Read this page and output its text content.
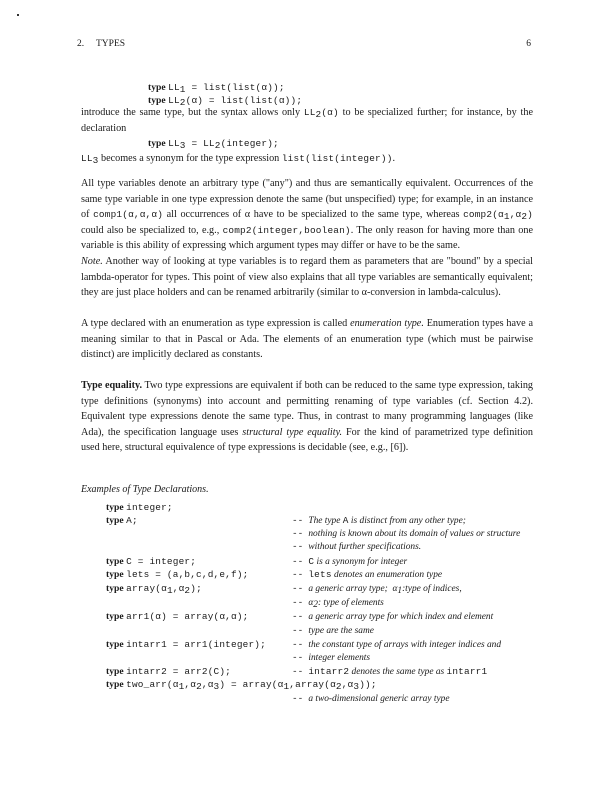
2. TYPES	6
type $LL_1$ = list(list(α));
type $LL_2(\alpha)$ = list(list(α));
introduce the same type, but the syntax allows only $LL_2(\alpha)$ to be specialized further; for instance, by the declaration
type $LL_3$ = $LL_2(integer)$;
$LL_3$ becomes a synonym for the type expression list(list(integer)).
All type variables denote an arbitrary type ("any") and thus are semantically equivalent. Occurrences of the same type variable in one type expression denote the same (but unspecified) type; for example, in an instance of comp1(α,α,α) all occurrences of α have to be specialized to the same type, whereas $comp2(\alpha_1,\alpha_2)$ could also be specialized to, e.g., comp2(integer,boolean). The only reason for having more than one variable is this ability of expressing which argument types may differ or have to be the same.
Note. Another way of looking at type variables is to regard them as parameters that are "bound" by a special lambda-operator for types. This point of view also explains that all type variables are semantically equivalent; they are just place holders and can be renamed arbitrarily (similar to α-conversion in lambda-calculus).
A type declared with an enumeration as type expression is called enumeration type. Enumeration types have a meaning similar to that in Pascal or Ada. The elements of an enumeration type (which must be pairwise distinct) are implicitly declared as constants.
Type equality. Two type expressions are equivalent if both can be reduced to the same type expression, taking type definitions (synonyms) into account and permitting renaming of type variables (cf. Section 4.2). Equivalent type expressions denote the same type. Thus, in contrast to many programming languages (like Ada), the specification language uses structural type equality. For the kind of parametrized type definition used here, structural equivalence of type expressions is decidable (see, e.g., [6]).
Examples of Type Declarations.
type integer;
type A;
type C = integer;
type lets = (a,b,c,d,e,f);
type $array(\alpha_1,\alpha_2)$;
type arr1(α) = array(α,α);
type intarr1 = arr1(integer);
type intarr2 = arr2(C);
type $two\_arr(\alpha_1,\alpha_2,\alpha_3)$ = $array(\alpha_1,array(\alpha_2,\alpha_3))$;
-- The type A is distinct from any other type;
-- nothing is known about its domain of values or structure
-- without further specifications.
-- C is a synonym for integer
-- lets denotes an enumeration type
-- a generic array type;  $\alpha_1:type$ of indices,
-- $\alpha_2$: type of elements
-- a generic array type for which index and element
-- type are the same
-- the constant type of arrays with integer indices and
-- integer elements
-- intarr2 denotes the same type as intarr1
-- a two-dimensional generic array type
